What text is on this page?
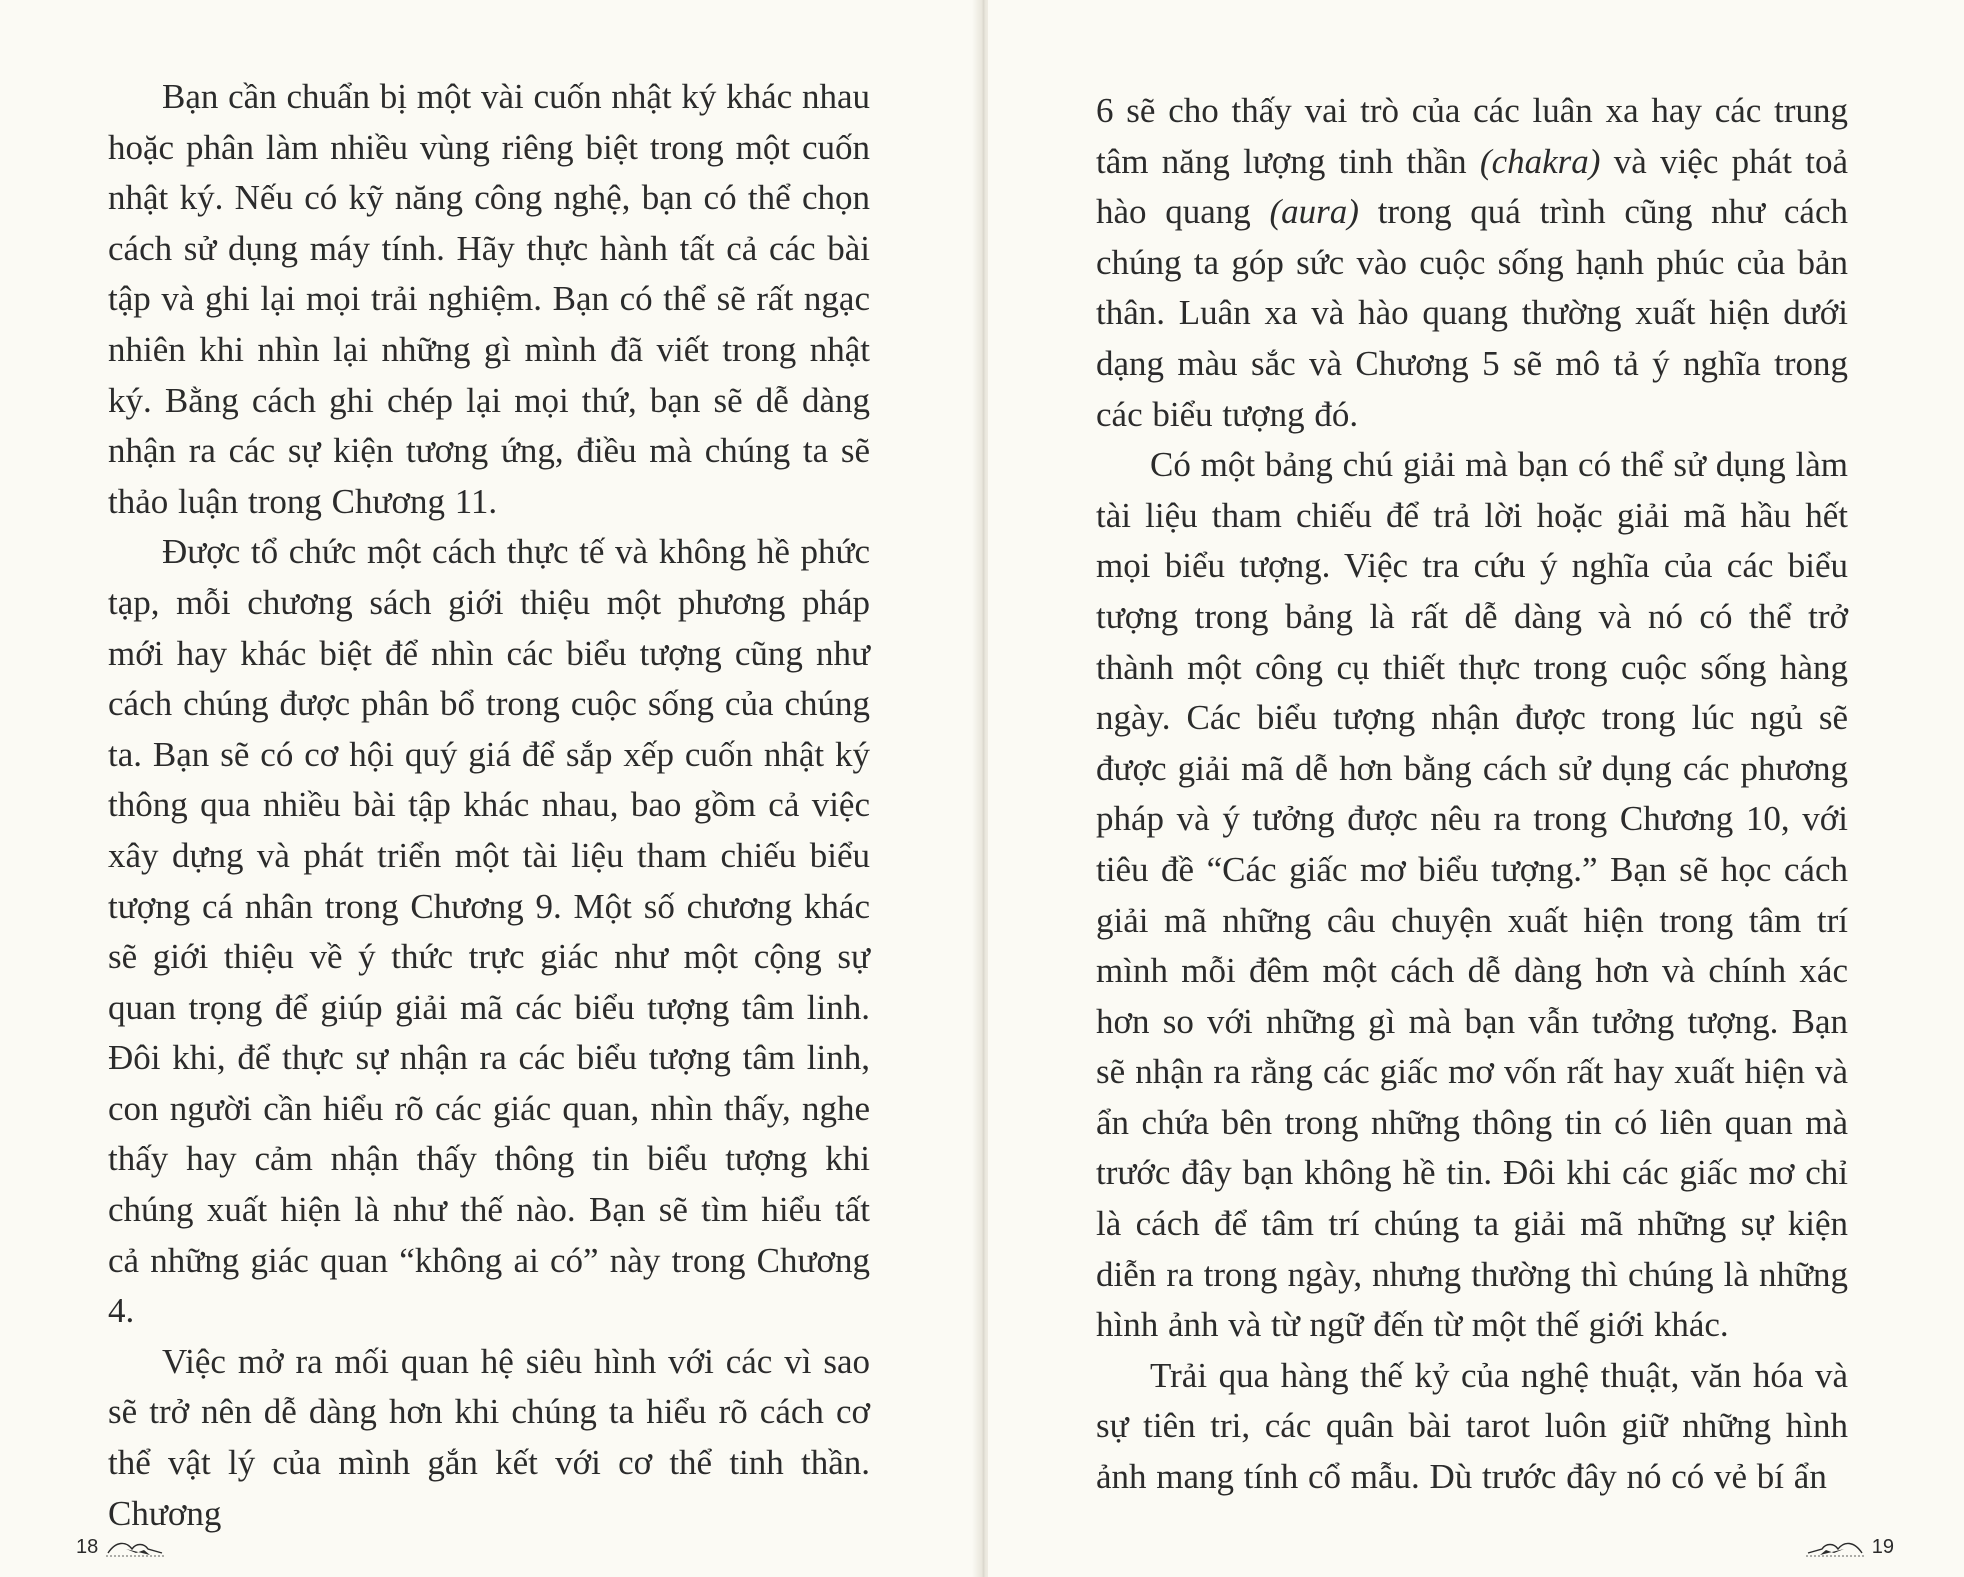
Bạn cần chuẩn bị một vài cuốn nhật ký khác nhau hoặc phân làm nhiều vùng riêng biệt trong một cuốn nhật ký. Nếu có kỹ năng công nghệ, bạn có thể chọn cách sử dụng máy tính. Hãy thực hành tất cả các bài tập và ghi lại mọi trải nghiệm. Bạn có thể sẽ rất ngạc nhiên khi nhìn lại những gì mình đã viết trong nhật ký. Bằng cách ghi chép lại mọi thứ, bạn sẽ dễ dàng nhận ra các sự kiện tương ứng, điều mà chúng ta sẽ thảo luận trong Chương 11.

Được tổ chức một cách thực tế và không hề phức tạp, mỗi chương sách giới thiệu một phương pháp mới hay khác biệt để nhìn các biểu tượng cũng như cách chúng được phân bổ trong cuộc sống của chúng ta. Bạn sẽ có cơ hội quý giá để sắp xếp cuốn nhật ký thông qua nhiều bài tập khác nhau, bao gồm cả việc xây dựng và phát triển một tài liệu tham chiếu biểu tượng cá nhân trong Chương 9. Một số chương khác sẽ giới thiệu về ý thức trực giác như một cộng sự quan trọng để giúp giải mã các biểu tượng tâm linh. Đôi khi, để thực sự nhận ra các biểu tượng tâm linh, con người cần hiểu rõ các giác quan, nhìn thấy, nghe thấy hay cảm nhận thấy thông tin biểu tượng khi chúng xuất hiện là như thế nào. Bạn sẽ tìm hiểu tất cả những giác quan “không ai có” này trong Chương 4.

Việc mở ra mối quan hệ siêu hình với các vì sao sẽ trở nên dễ dàng hơn khi chúng ta hiểu rõ cách cơ thể vật lý của mình gắn kết với cơ thể tinh thần. Chương

18

6 sẽ cho thấy vai trò của các luân xa hay các trung tâm năng lượng tinh thần (chakra) và việc phát toả hào quang (aura) trong quá trình cũng như cách chúng ta góp sức vào cuộc sống hạnh phúc của bản thân. Luân xa và hào quang thường xuất hiện dưới dạng màu sắc và Chương 5 sẽ mô tả ý nghĩa trong các biểu tượng đó.

Có một bảng chú giải mà bạn có thể sử dụng làm tài liệu tham chiếu để trả lời hoặc giải mã hầu hết mọi biểu tượng. Việc tra cứu ý nghĩa của các biểu tượng trong bảng là rất dễ dàng và nó có thể trở thành một công cụ thiết thực trong cuộc sống hàng ngày. Các biểu tượng nhận được trong lúc ngủ sẽ được giải mã dễ hơn bằng cách sử dụng các phương pháp và ý tưởng được nêu ra trong Chương 10, với tiêu đề “Các giấc mơ biểu tượng.” Bạn sẽ học cách giải mã những câu chuyện xuất hiện trong tâm trí mình mỗi đêm một cách dễ dàng hơn và chính xác hơn so với những gì mà bạn vẫn tưởng tượng. Bạn sẽ nhận ra rằng các giấc mơ vốn rất hay xuất hiện và ẩn chứa bên trong những thông tin có liên quan mà trước đây bạn không hề tin. Đôi khi các giấc mơ chỉ là cách để tâm trí chúng ta giải mã những sự kiện diễn ra trong ngày, nhưng thường thì chúng là những hình ảnh và từ ngữ đến từ một thế giới khác.

Trải qua hàng thế kỷ của nghệ thuật, văn hóa và sự tiên tri, các quân bài tarot luôn giữ những hình ảnh mang tính cổ mẫu. Dù trước đây nó có vẻ bí ẩn

19
